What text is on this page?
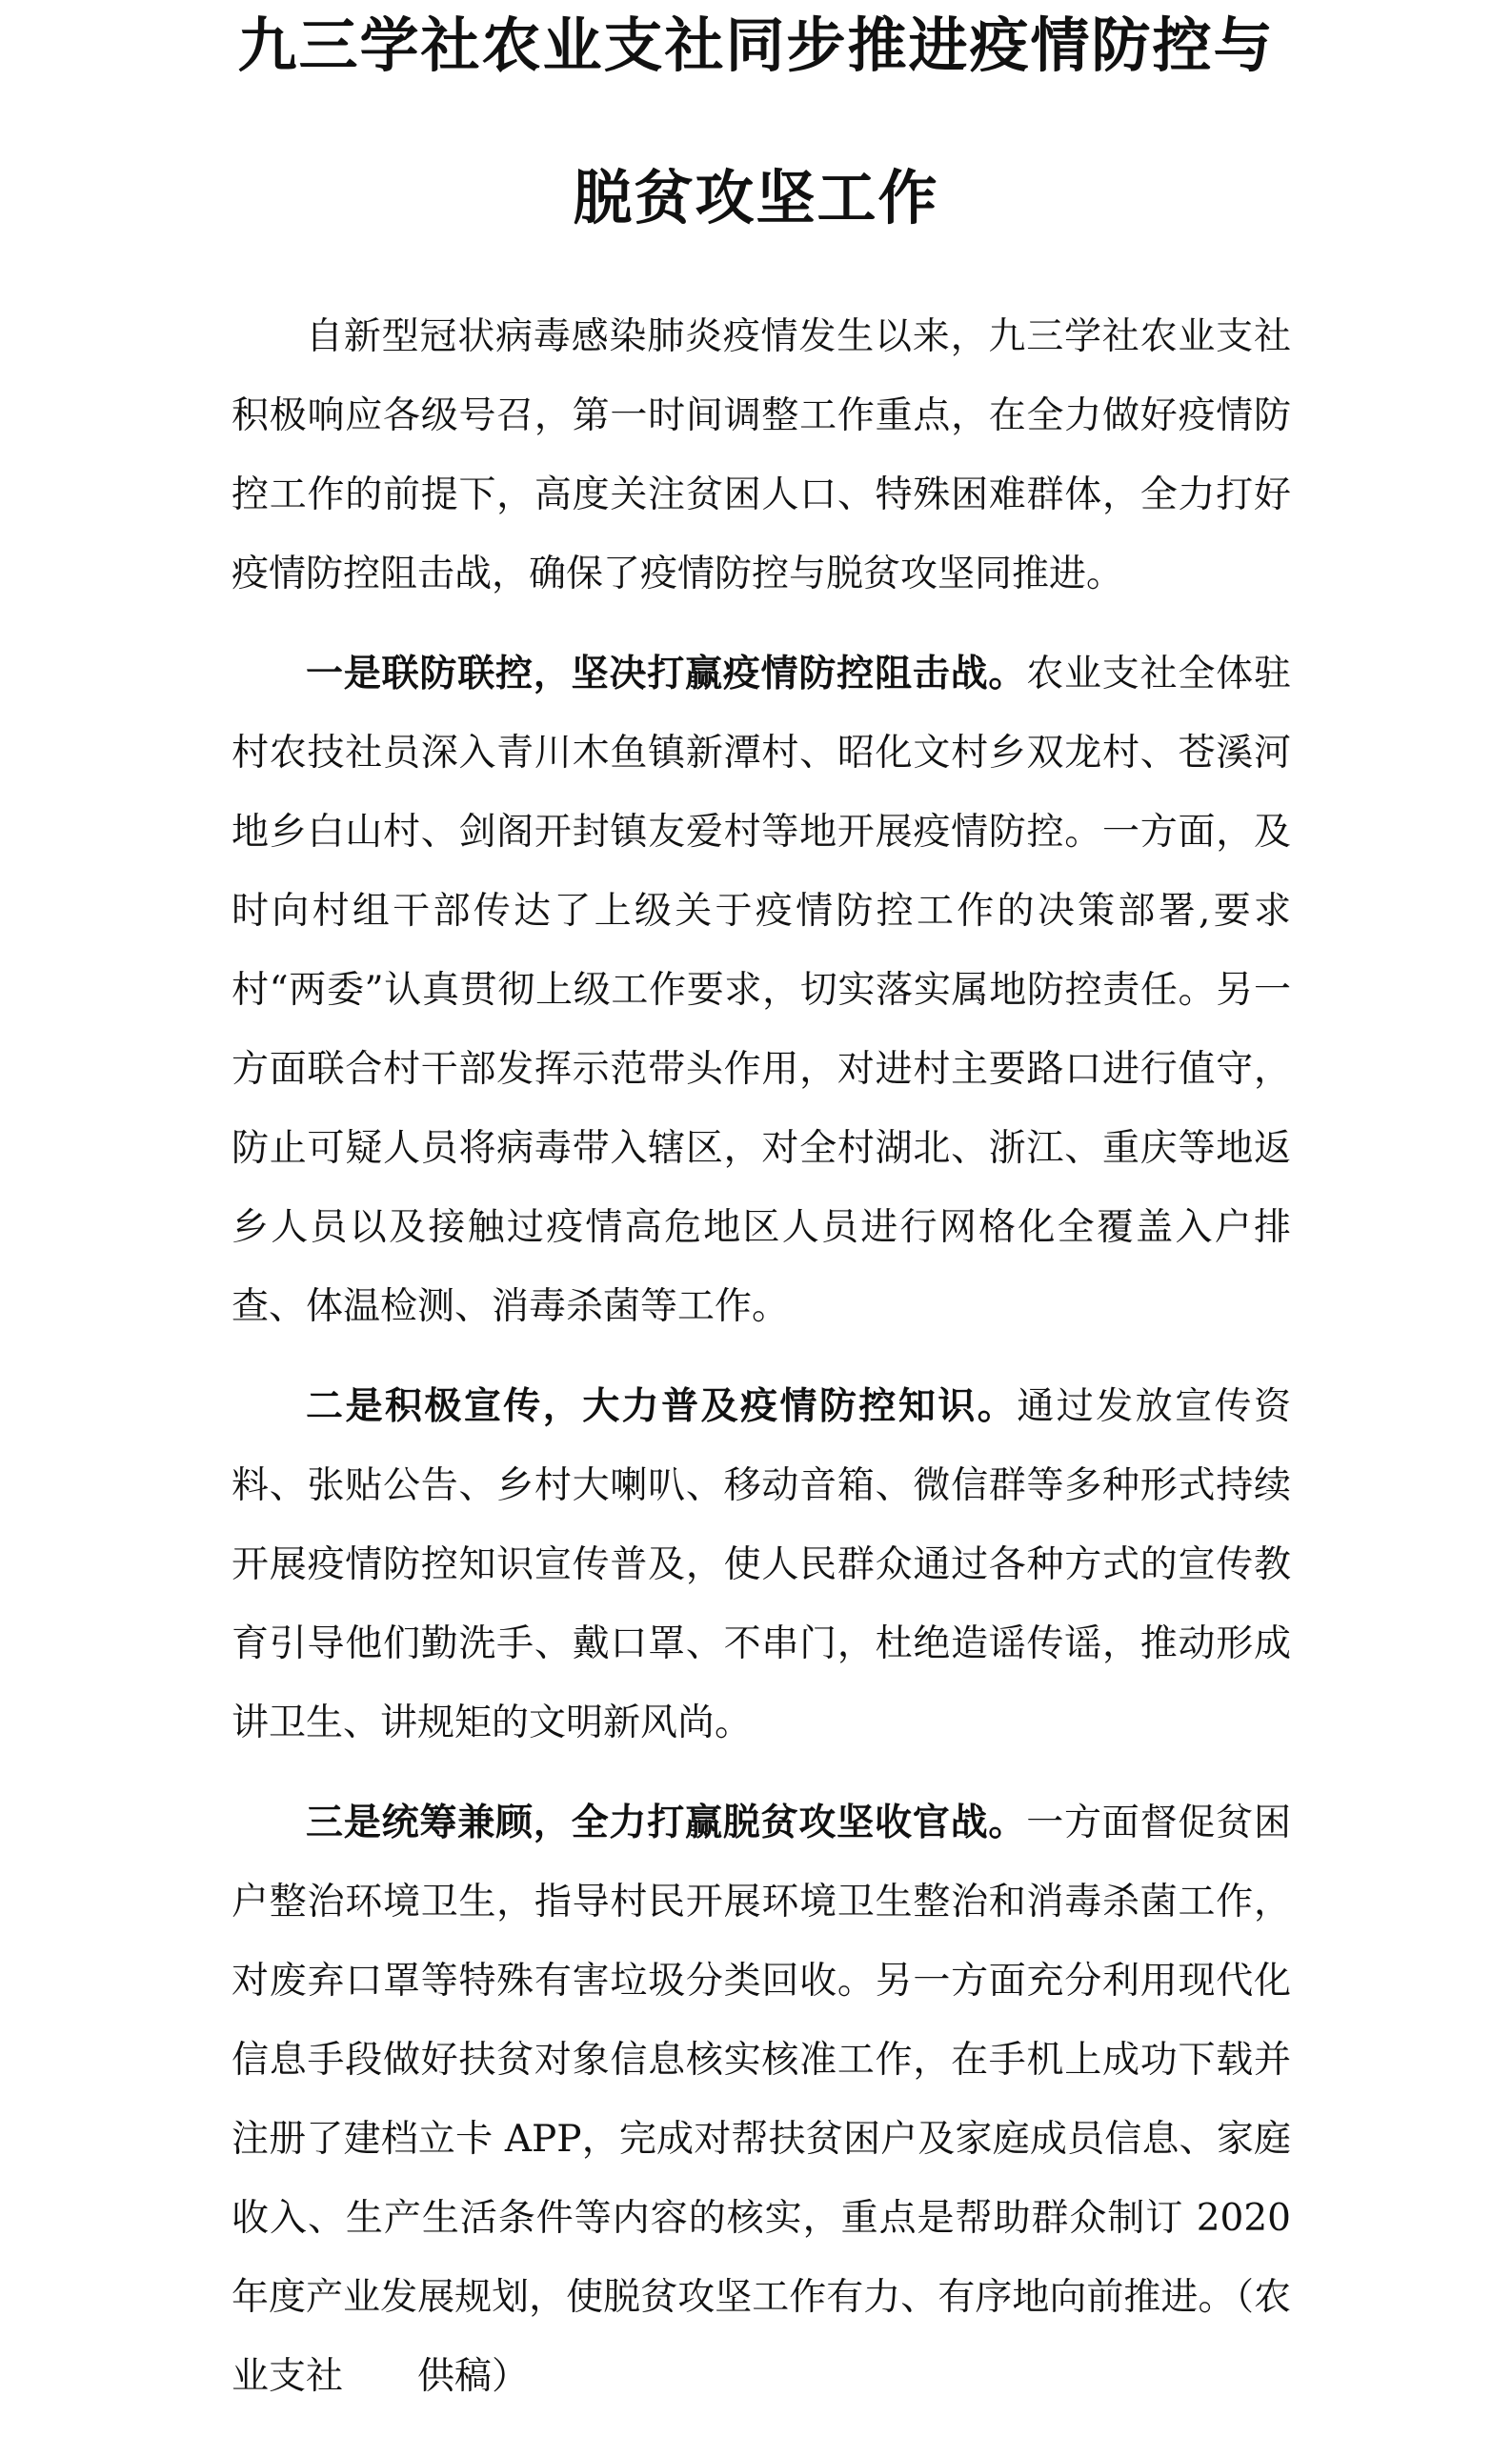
九三学社农业支社同步推进疫情防控与
脱贫攻坚工作

自新型冠状病毒感染肺炎疫情发生以来，九三学社农业支社积极响应各级号召，第一时间调整工作重点，在全力做好疫情防控工作的前提下，高度关注贫困人口、特殊困难群体，全力打好疫情防控阻击战，确保了疫情防控与脱贫攻坚同推进。

一是联防联控，坚决打赢疫情防控阻击战。农业支社全体驻村农技社员深入青川木鱼镇新潭村、昭化文村乡双龙村、苍溪河地乡白山村、剑阁开封镇友爱村等地开展疫情防控。一方面，及时向村组干部传达了上级关于疫情防控工作的决策部署,要求村“两委”认真贯彻上级工作要求，切实落实属地防控责任。另一方面联合村干部发挥示范带头作用，对进村主要路口进行值守，防止可疑人员将病毒带入辖区，对全村湖北、浙江、重庆等地返乡人员以及接触过疫情高危地区人员进行网格化全覆盖入户排查、体温检测、消毒杀菌等工作。

二是积极宣传，大力普及疫情防控知识。通过发放宣传资料、张贴公告、乡村大喇叭、移动音箱、微信群等多种形式持续开展疫情防控知识宣传普及，使人民群众通过各种方式的宣传教育引导他们勤洗手、戴口罩、不串门，杜绝造谣传谣，推动形成讲卫生、讲规矩的文明新风尚。

三是统筹兼顾，全力打赢脱贫攻坚收官战。一方面督促贫困户整治环境卫生，指导村民开展环境卫生整治和消毒杀菌工作，对废弃口罩等特殊有害垃圾分类回收。另一方面充分利用现代化信息手段做好扶贫对象信息核实核准工作，在手机上成功下载并注册了建档立卡 APP，完成对帮扶贫困户及家庭成员信息、家庭收入、生产生活条件等内容的核实，重点是帮助群众制订 2020 年度产业发展规划，使脱贫攻坚工作有力、有序地向前推进。（农业支社 供稿）
